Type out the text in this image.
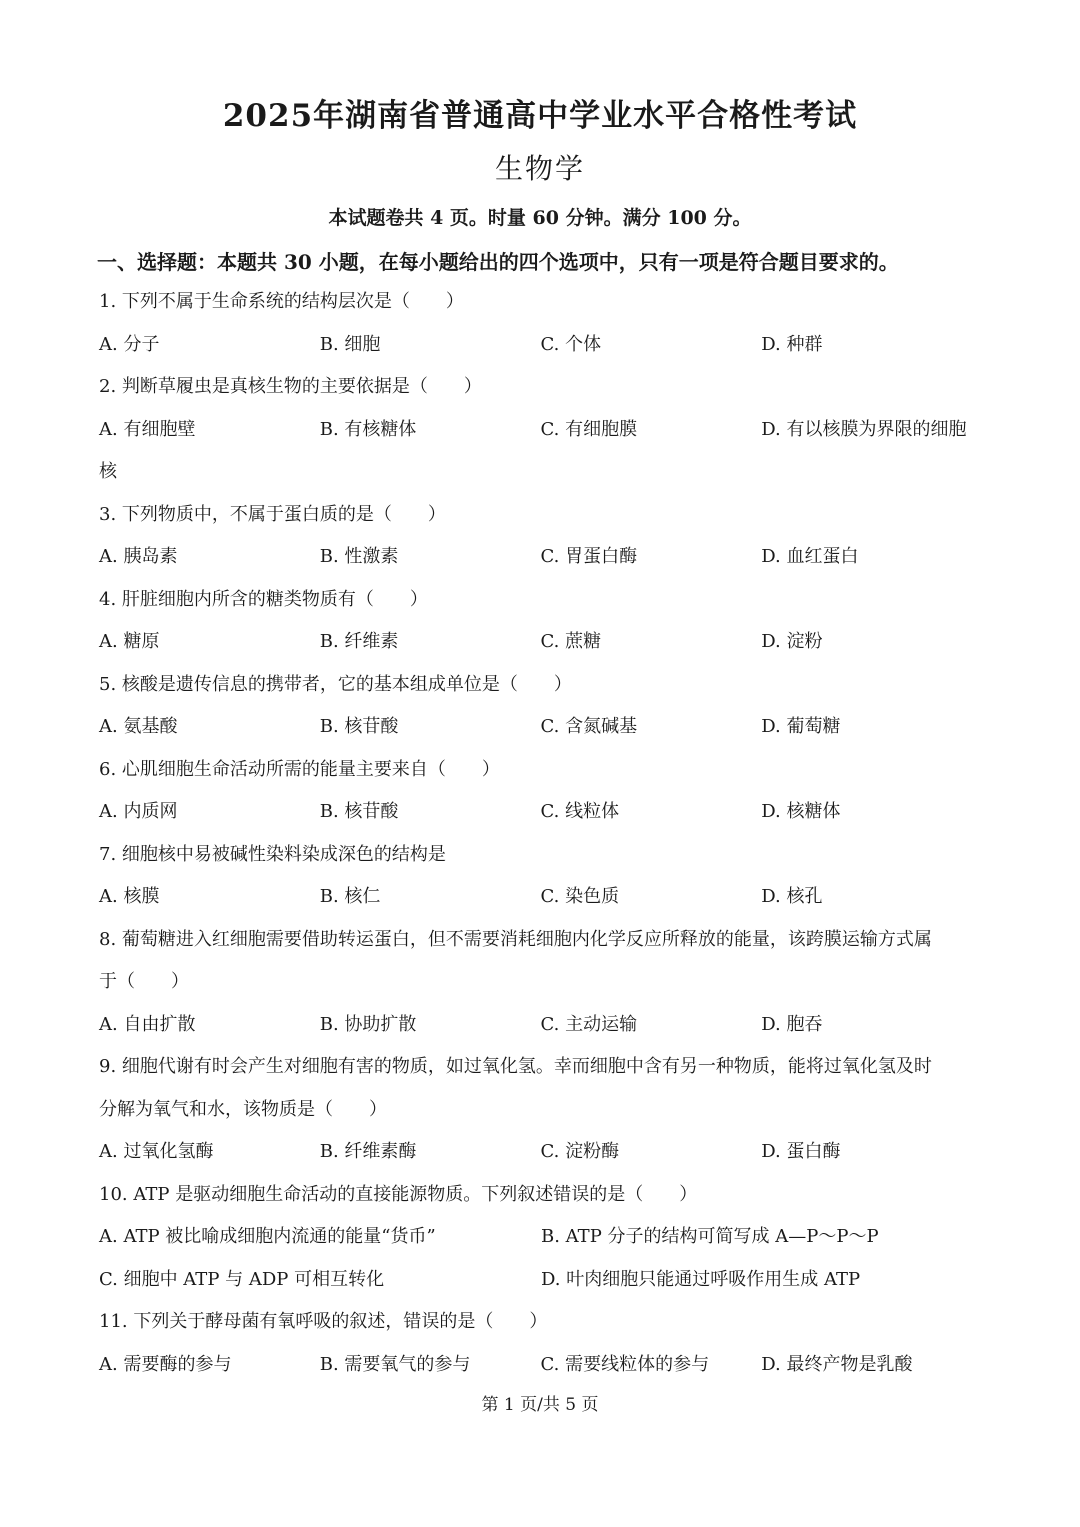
2025年湖南省普通高中学业水平合格性考试
生物学
本试题卷共 4 页。时量 60 分钟。满分 100 分。
一、选择题：本题共 30 小题，在每小题给出的四个选项中，只有一项是符合题目要求的。
1. 下列不属于生命系统的结构层次是（　　）
A. 分子	B. 细胞	C. 个体	D. 种群
2. 判断草履虫是真核生物的主要依据是（　　）
A. 有细胞壁	B. 有核糖体	C. 有细胞膜	D. 有以核膜为界限的细胞
核
3. 下列物质中，不属于蛋白质的是（　　）
A. 胰岛素	B. 性激素	C. 胃蛋白酶	D. 血红蛋白
4. 肝脏细胞内所含的糖类物质有（　　）
A. 糖原	B. 纤维素	C. 蔗糖	D. 淀粉
5. 核酸是遗传信息的携带者，它的基本组成单位是（　　）
A. 氨基酸	B. 核苷酸	C. 含氮碱基	D. 葡萄糖
6. 心肌细胞生命活动所需的能量主要来自（　　）
A. 内质网	B. 核苷酸	C. 线粒体	D. 核糖体
7. 细胞核中易被碱性染料染成深色的结构是
A. 核膜	B. 核仁	C. 染色质	D. 核孔
8. 葡萄糖进入红细胞需要借助转运蛋白，但不需要消耗细胞内化学反应所释放的能量，该跨膜运输方式属
于（　　）
A. 自由扩散	B. 协助扩散	C. 主动运输	D. 胞吞
9. 细胞代谢有时会产生对细胞有害的物质，如过氧化氢。幸而细胞中含有另一种物质，能将过氧化氢及时
分解为氧气和水，该物质是（　　）
A. 过氧化氢酶	B. 纤维素酶	C. 淀粉酶	D. 蛋白酶
10. ATP 是驱动细胞生命活动的直接能源物质。下列叙述错误的是（　　）
A. ATP 被比喻成细胞内流通的能量“货币”	B. ATP 分子的结构可简写成 A—P～P～P
C. 细胞中 ATP 与 ADP 可相互转化	D. 叶肉细胞只能通过呼吸作用生成 ATP
11. 下列关于酵母菌有氧呼吸的叙述，错误的是（　　）
A. 需要酶的参与	B. 需要氧气的参与	C. 需要线粒体的参与	D. 最终产物是乳酸
第 1 页/共 5 页
